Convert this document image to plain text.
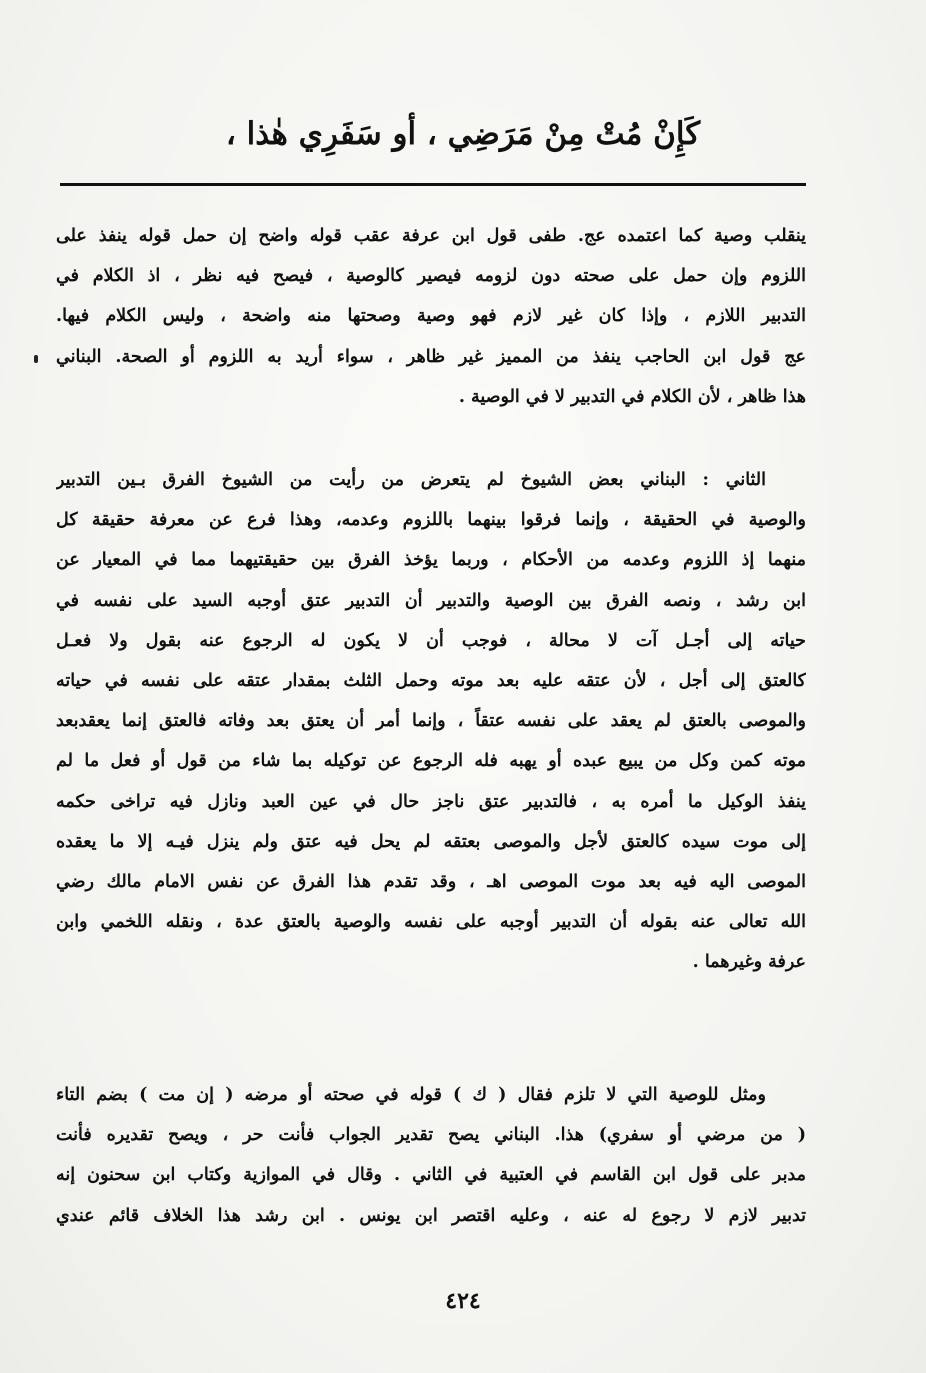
كَإِنْ مُتْ مِنْ مَرَضِي ، أو سَفَرِي هٰذا ،
ينقلب وصية كما اعتمده عج. طفى قول ابن عرفة عقب قوله واضح إن حمل قوله ينفذ على
اللزوم وإن حمل على صحته دون لزومه فيصير كالوصية ، فيصح فيه نظر ، اذ الكلام في
التدبير اللازم ، وإذا كان غير لازم فهو وصية وصحتها منه واضحة ، وليس الكلام فيها.
عج قول ابن الحاجب ينفذ من المميز غير ظاهر ، سواء أريد به اللزوم أو الصحة. البناني
هذا ظاهر ، لأن الكلام في التدبير لا في الوصية .
الثاني : البناني بعض الشيوخ لم يتعرض من رأيت من الشيوخ الفرق بـين التدبير
والوصية في الحقيقة ، وإنما فرقوا بينهما باللزوم وعدمه، وهذا فرع عن معرفة حقيقة كل
منهما إذ اللزوم وعدمه من الأحكام ، وربما يؤخذ الفرق بين حقيقتيهما مما في المعيار عن
ابن رشد ، ونصه الفرق بين الوصية والتدبير أن التدبير عتق أوجبه السيد على نفسه في
حياته إلى أجـل آت لا محالة ، فوجب أن لا يكون له الرجوع عنه بقول ولا فعـل
كالعتق إلى أجل ، لأن عتقه عليه بعد موته وحمل الثلث بمقدار عتقه على نفسه في حياته
والموصى بالعتق لم يعقد على نفسه عتقاً ، وإنما أمر أن يعتق بعد وفاته فالعتق إنما يعقدبعد
موته كمن وكل من يبيع عبده أو يهبه فله الرجوع عن توكيله بما شاء من قول أو فعل ما لم
ينفذ الوكيل ما أمره به ، فالتدبير عتق ناجز حال في عين العبد ونازل فيه تراخى حكمه
إلى موت سيده كالعتق لأجل والموصى بعتقه لم يحل فيه عتق ولم ينزل فيـه إلا ما يعقده
الموصى اليه فيه بعد موت الموصى اهـ ، وقد تقدم هذا الفرق عن نفس الامام مالك رضي
الله تعالى عنه بقوله أن التدبير أوجبه على نفسه والوصية بالعتق عدة ، ونقله اللخمي وابن
عرفة وغيرهما .
ومثل للوصية التي لا تلزم فقال ( ك ) قوله في صحته أو مرضه ( إن مت ) بضم التاء
( من مرضي أو سفري) هذا. البناني يصح تقدير الجواب فأنت حر ، ويصح تقديره فأنت
مدبر على قول ابن القاسم في العتبية في الثاني . وقال في الموازية وكتاب ابن سحنون إنه
تدبير لازم لا رجوع له عنه ، وعليه اقتصر ابن يونس . ابن رشد هذا الخلاف قائم عندي
٤٢٤
